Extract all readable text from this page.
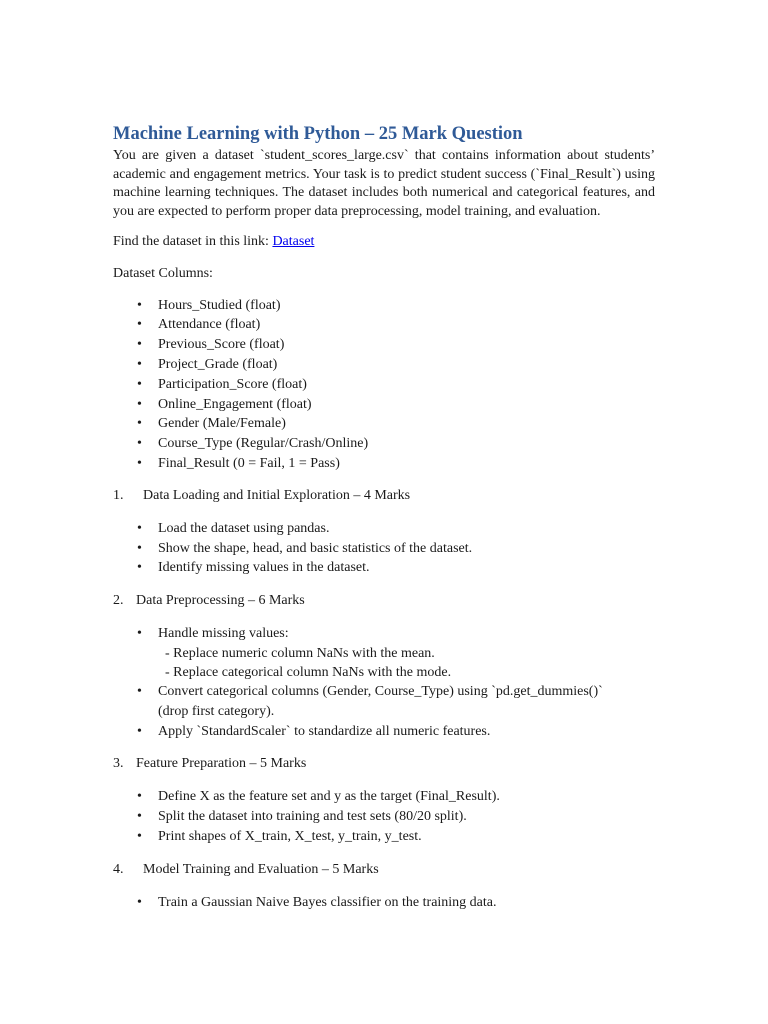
Machine Learning with Python – 25 Mark Question

You are given a dataset `student_scores_large.csv` that contains information about students’ academic and engagement metrics. Your task is to predict student success (`Final_Result`) using machine learning techniques. The dataset includes both numerical and categorical features, and you are expected to perform proper data preprocessing, model training, and evaluation.

Find the dataset in this link: Dataset

Dataset Columns:

• Hours_Studied (float)
• Attendance (float)
• Previous_Score (float)
• Project_Grade (float)
• Participation_Score (float)
• Online_Engagement (float)
• Gender (Male/Female)
• Course_Type (Regular/Crash/Online)
• Final_Result (0 = Fail, 1 = Pass)

1.  Data Loading and Initial Exploration – 4 Marks

• Load the dataset using pandas.
• Show the shape, head, and basic statistics of the dataset.
• Identify missing values in the dataset.

2. Data Preprocessing – 6 Marks

• Handle missing values:
- Replace numeric column NaNs with the mean.
- Replace categorical column NaNs with the mode.
• Convert categorical columns (Gender, Course_Type) using `pd.get_dummies()`
(drop first category).
• Apply `StandardScaler` to standardize all numeric features.

3. Feature Preparation – 5 Marks

• Define X as the feature set and y as the target (Final_Result).
• Split the dataset into training and test sets (80/20 split).
• Print shapes of X_train, X_test, y_train, y_test.

4.  Model Training and Evaluation – 5 Marks

• Train a Gaussian Naive Bayes classifier on the training data.
